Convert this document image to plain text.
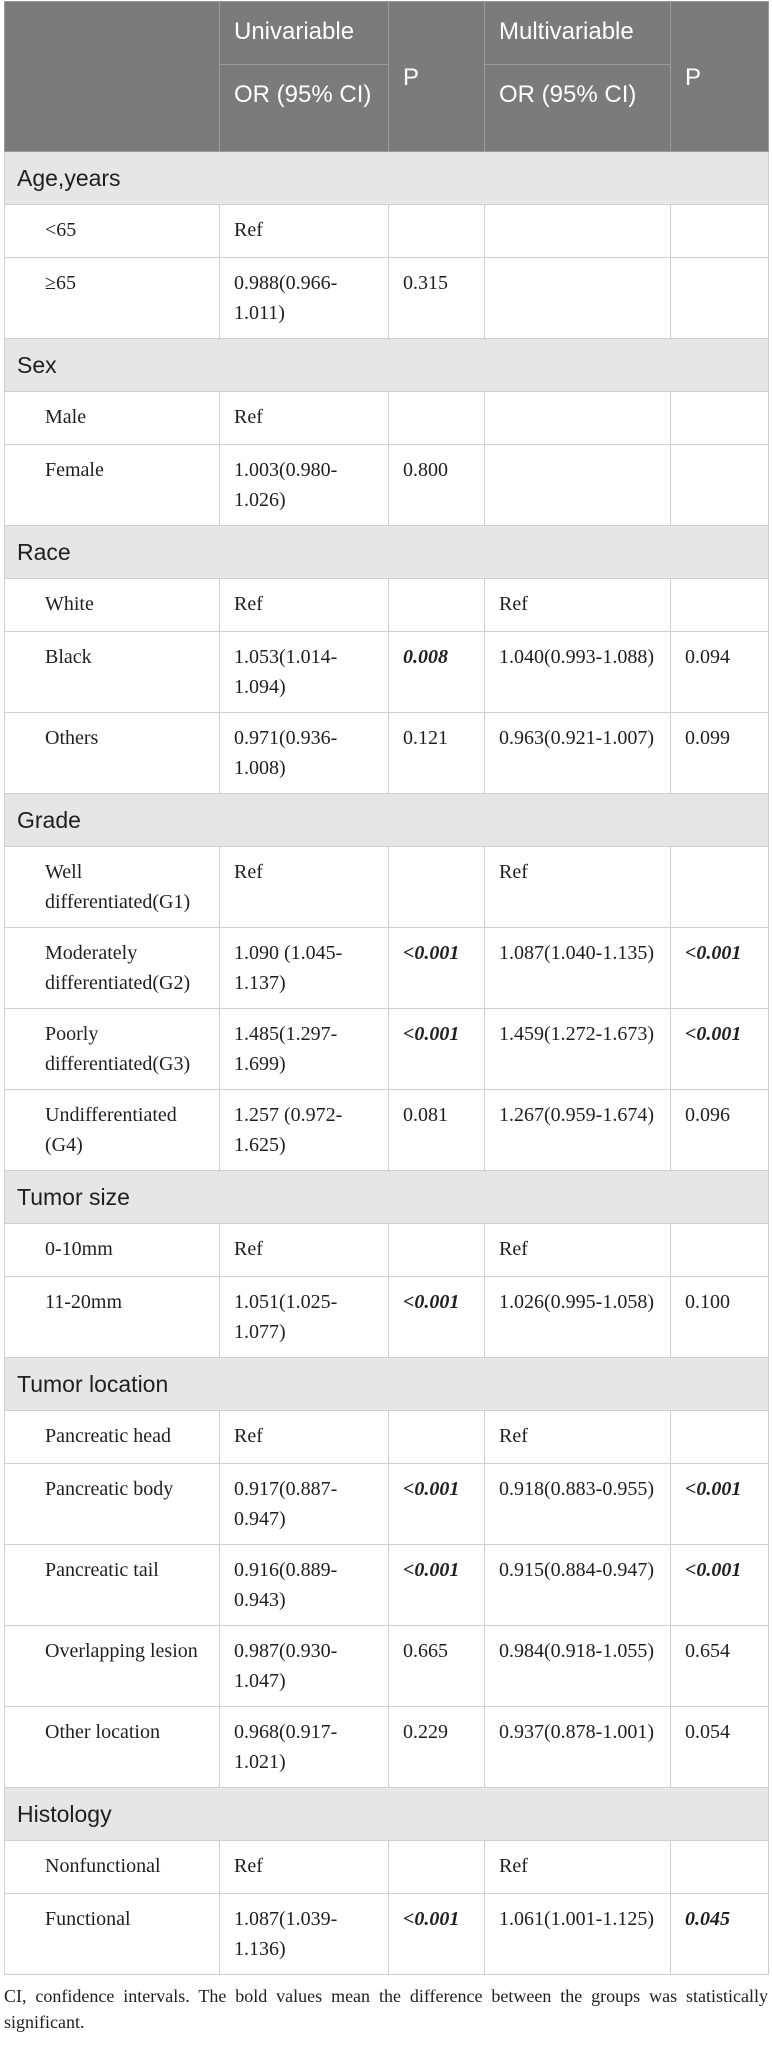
	Univariable	P	Multivariable	P

	OR (95% CI)		OR (95% CI)	

Age,years				
<65	Ref			
≥65	0.988(0.966-1.011)	0.315		
Sex				
Male	Ref			
Female	1.003(0.980-1.026)	0.800		
Race				
White	Ref		Ref	
Black	1.053(1.014-1.094)	0.008	1.040(0.993-1.088)	0.094
Others	0.971(0.936-1.008)	0.121	0.963(0.921-1.007)	0.099
Grade				
Well differentiated(G1)	Ref		Ref	
Moderately differentiated(G2)	1.090 (1.045-1.137)	<0.001	1.087(1.040-1.135)	<0.001
Poorly differentiated(G3)	1.485(1.297-1.699)	<0.001	1.459(1.272-1.673)	<0.001
Undifferentiated (G4)	1.257 (0.972-1.625)	0.081	1.267(0.959-1.674)	0.096
Tumor size				
0-10mm	Ref		Ref	
11-20mm	1.051(1.025-1.077)	<0.001	1.026(0.995-1.058)	0.100
Tumor location				
Pancreatic head	Ref		Ref	
Pancreatic body	0.917(0.887-0.947)	<0.001	0.918(0.883-0.955)	<0.001
Pancreatic tail	0.916(0.889-0.943)	<0.001	0.915(0.884-0.947)	<0.001
Overlapping lesion	0.987(0.930-1.047)	0.665	0.984(0.918-1.055)	0.654
Other location	0.968(0.917-1.021)	0.229	0.937(0.878-1.001)	0.054
Histology				
Nonfunctional	Ref		Ref	
Functional	1.087(1.039-1.136)	<0.001	1.061(1.001-1.125)	0.045
CI, confidence intervals. The bold values mean the difference between the groups was statistically significant.
